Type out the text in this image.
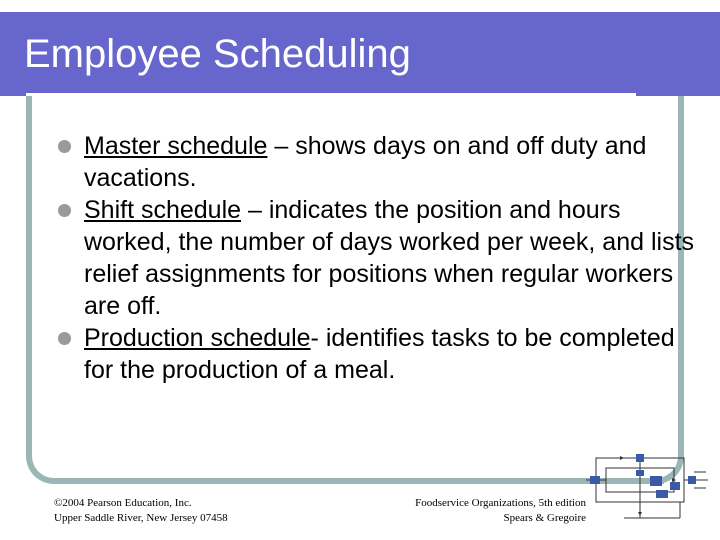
Employee Scheduling
Master schedule – shows days on and off duty and vacations.
Shift schedule – indicates the position and hours worked, the number of days worked per week, and lists relief assignments for positions when regular workers are off.
Production schedule- identifies tasks to be completed for the production of a meal.
©2004 Pearson Education, Inc.
Upper Saddle River, New Jersey 07458
Foodservice Organizations, 5th edition
Spears & Gregoire
